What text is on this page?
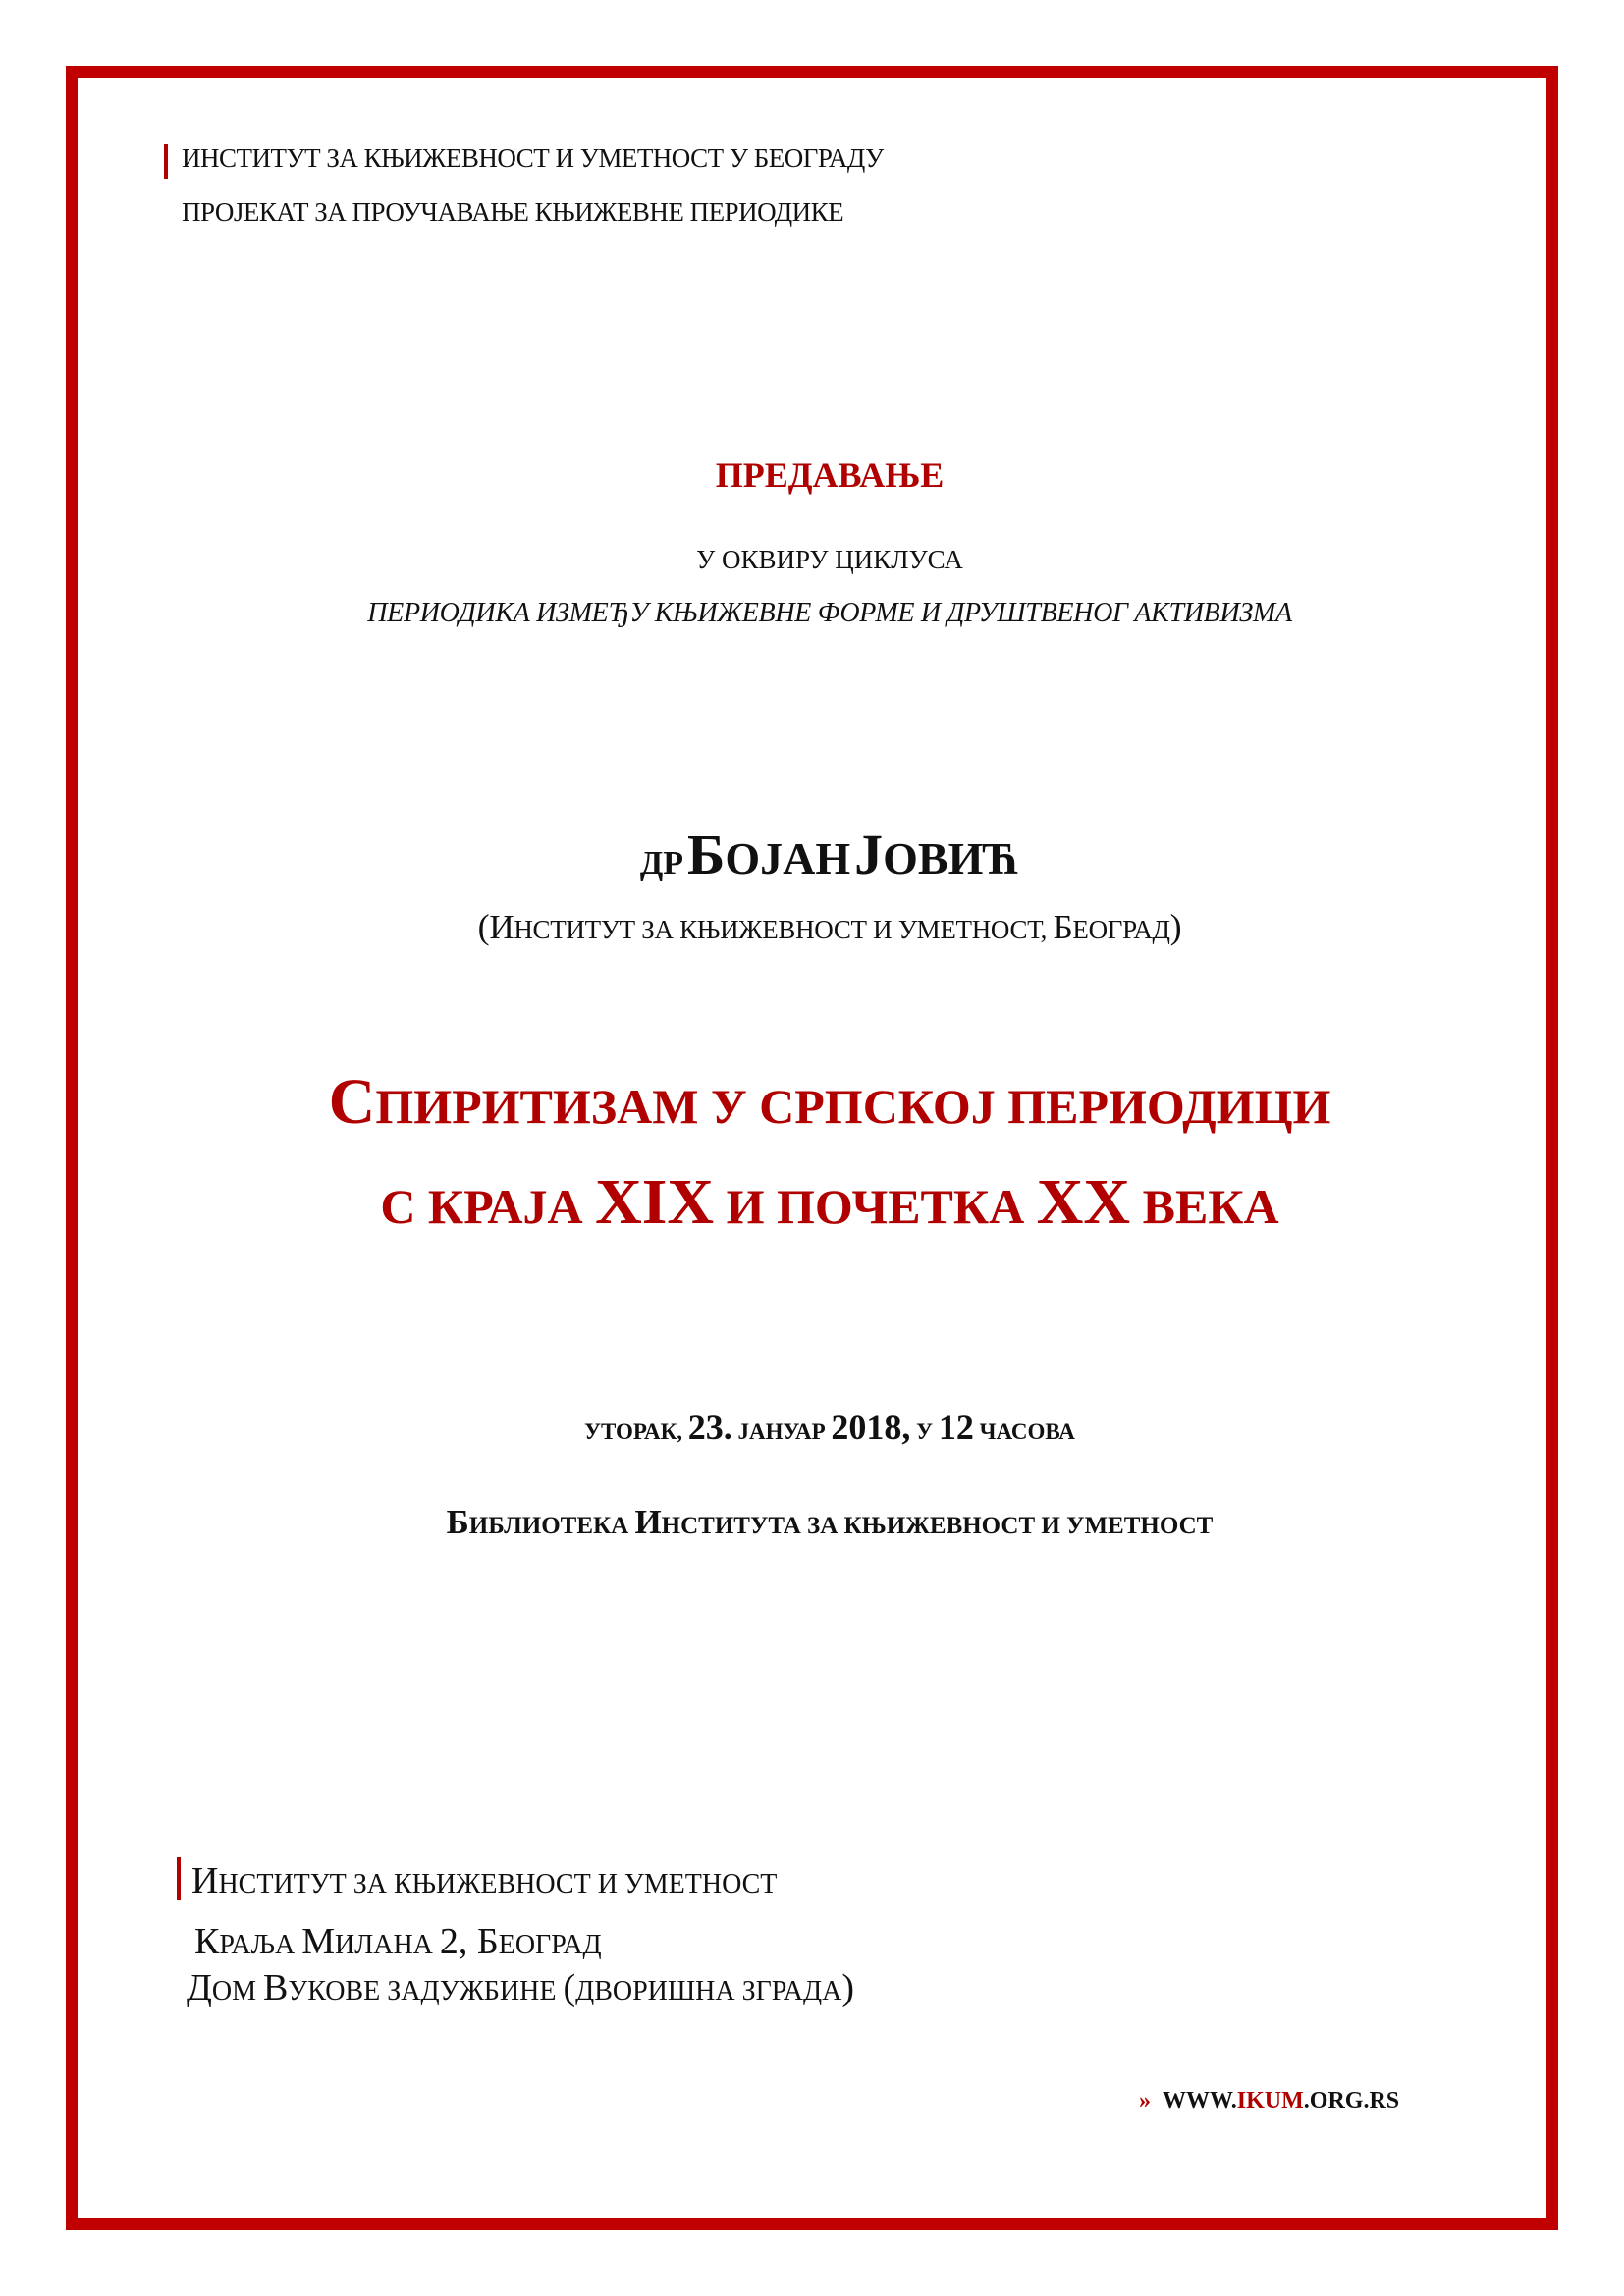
ИНСТИТУТ ЗА КЊИЖЕВНОСТ И УМЕТНОСТ У БЕОГРАДУ
ПРОЈЕКАТ ЗА ПРОУЧАВАЊЕ КЊИЖЕВНЕ ПЕРИОДИКЕ
ПРЕДАВАЊЕ
У ОКВИРУ ЦИКЛУСА
ПЕРИОДИКА ИЗМЕЂУ КЊИЖЕВНЕ ФОРМЕ И ДРУШТВЕНОГ АКТИВИЗМА
ДР БОЈАН ЈОВИЋ
(ИНСТИТУТ ЗА КЊИЖЕВНОСТ И УМЕТНОСТ, БЕОГРАД)
СПИРИТИЗАМ У СРПСКОЈ ПЕРИОДИЦИ
С КРАЈА XIX И ПОЧЕТКА XX ВЕКА
УТОРАК, 23. ЈАНУАР 2018, У 12 ЧАСОВА
БИБЛИОТЕКА ИНСТИТУТА ЗА КЊИЖЕВНОСТ И УМЕТНОСТ
ИНСТИТУТ ЗА КЊИЖЕВНОСТ И УМЕТНОСТ
КРАЉА МИЛАНА 2, БЕОГРАД
ДОМ ВУКОВЕ ЗАДУЖБИНЕ (ДВОРИШНА ЗГРАДА)
» WWW.IKUM.ORG.RS
